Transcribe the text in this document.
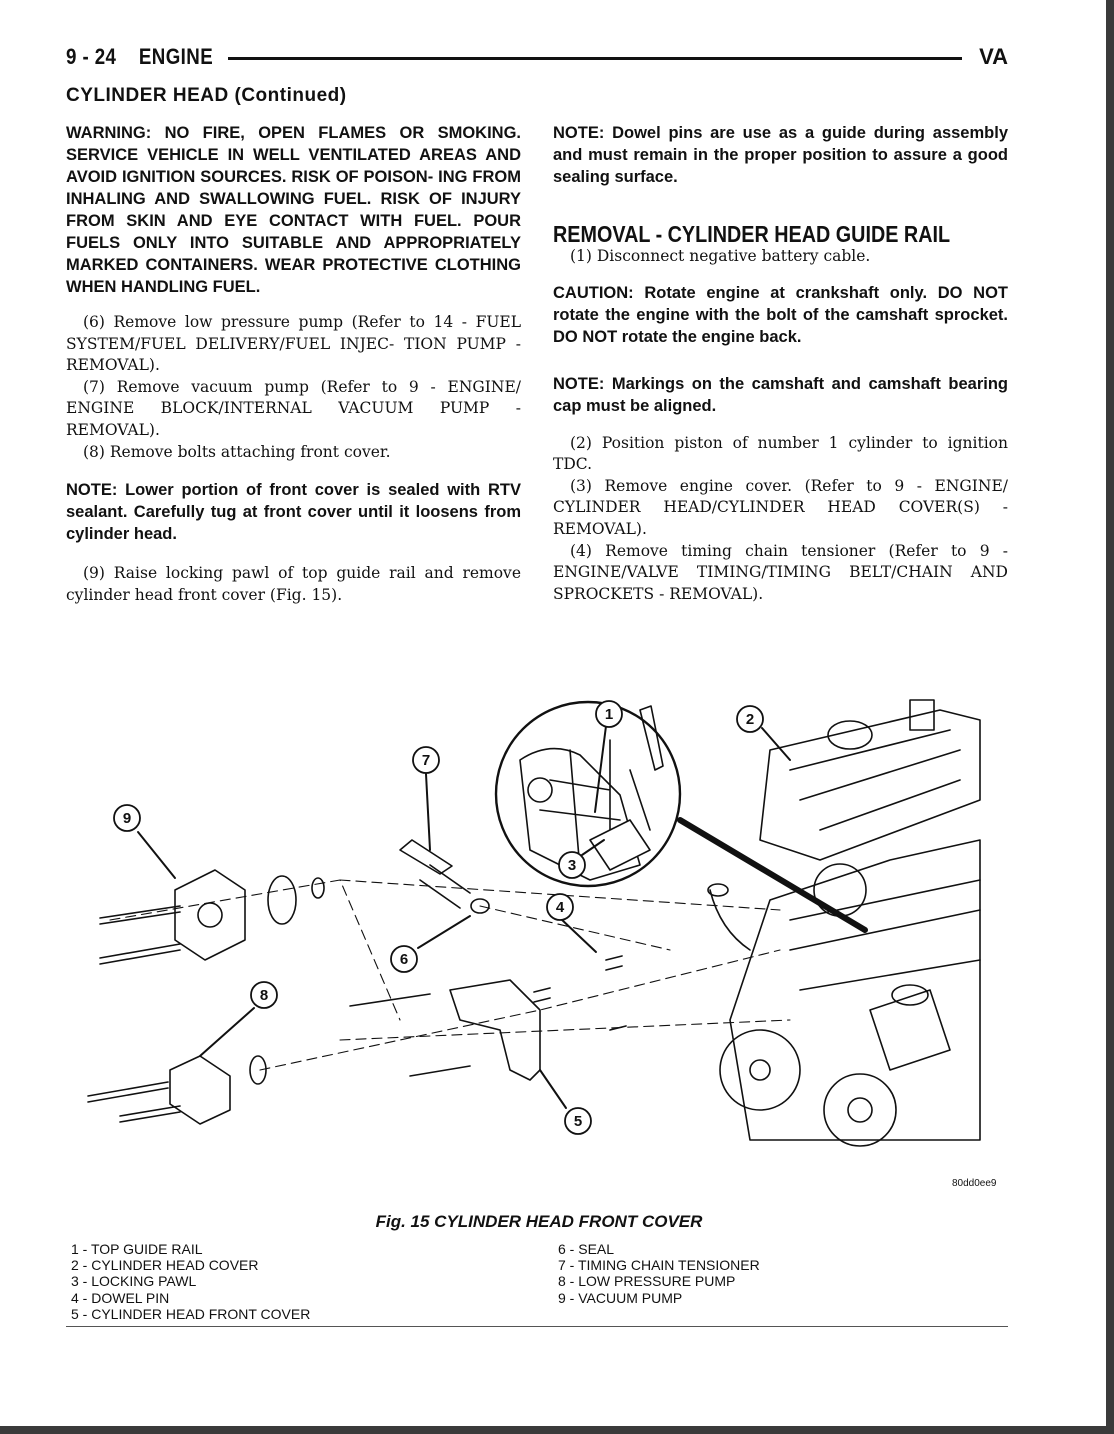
9 - 24 ENGINE	VA
CYLINDER HEAD (Continued)

WARNING: NO FIRE, OPEN FLAMES OR SMOKING. SERVICE VEHICLE IN WELL VENTILATED AREAS AND AVOID IGNITION SOURCES. RISK OF POISON- ING FROM INHALING AND SWALLOWING FUEL. RISK OF INJURY FROM SKIN AND EYE CONTACT WITH FUEL. POUR FUELS ONLY INTO SUITABLE AND APPROPRIATELY MARKED CONTAINERS. WEAR PROTECTIVE CLOTHING WHEN HANDLING FUEL.

(6) Remove low pressure pump (Refer to 14 - FUEL SYSTEM/FUEL DELIVERY/FUEL INJEC- TION PUMP - REMOVAL).

(7) Remove vacuum pump (Refer to 9 - ENGINE/ ENGINE BLOCK/INTERNAL VACUUM PUMP - REMOVAL).

(8) Remove bolts attaching front cover.

NOTE: Lower portion of front cover is sealed with RTV sealant. Carefully tug at front cover until it loosens from cylinder head.

(9) Raise locking pawl of top guide rail and remove cylinder head front cover (Fig. 15).

NOTE: Dowel pins are use as a guide during assembly and must remain in the proper position to assure a good sealing surface.

REMOVAL - CYLINDER HEAD GUIDE RAIL

(1) Disconnect negative battery cable.

CAUTION: Rotate engine at crankshaft only. DO NOT rotate the engine with the bolt of the camshaft sprocket. DO NOT rotate the engine back.

NOTE: Markings on the camshaft and camshaft bearing cap must be aligned.

(2) Position piston of number 1 cylinder to ignition TDC.

(3) Remove engine cover. (Refer to 9 - ENGINE/ CYLINDER HEAD/CYLINDER HEAD COVER(S) - REMOVAL).

(4) Remove timing chain tensioner (Refer to 9 - ENGINE/VALVE TIMING/TIMING BELT/CHAIN AND SPROCKETS - REMOVAL).

1	2
3
4
5
6
7
8
9
80dd0ee9
Fig. 15 CYLINDER HEAD FRONT COVER
1 - TOP GUIDE RAIL
2 - CYLINDER HEAD COVER
3 - LOCKING PAWL
4 - DOWEL PIN
5 - CYLINDER HEAD FRONT COVER
6 - SEAL
7 - TIMING CHAIN TENSIONER
8 - LOW PRESSURE PUMP
9 - VACUUM PUMP
